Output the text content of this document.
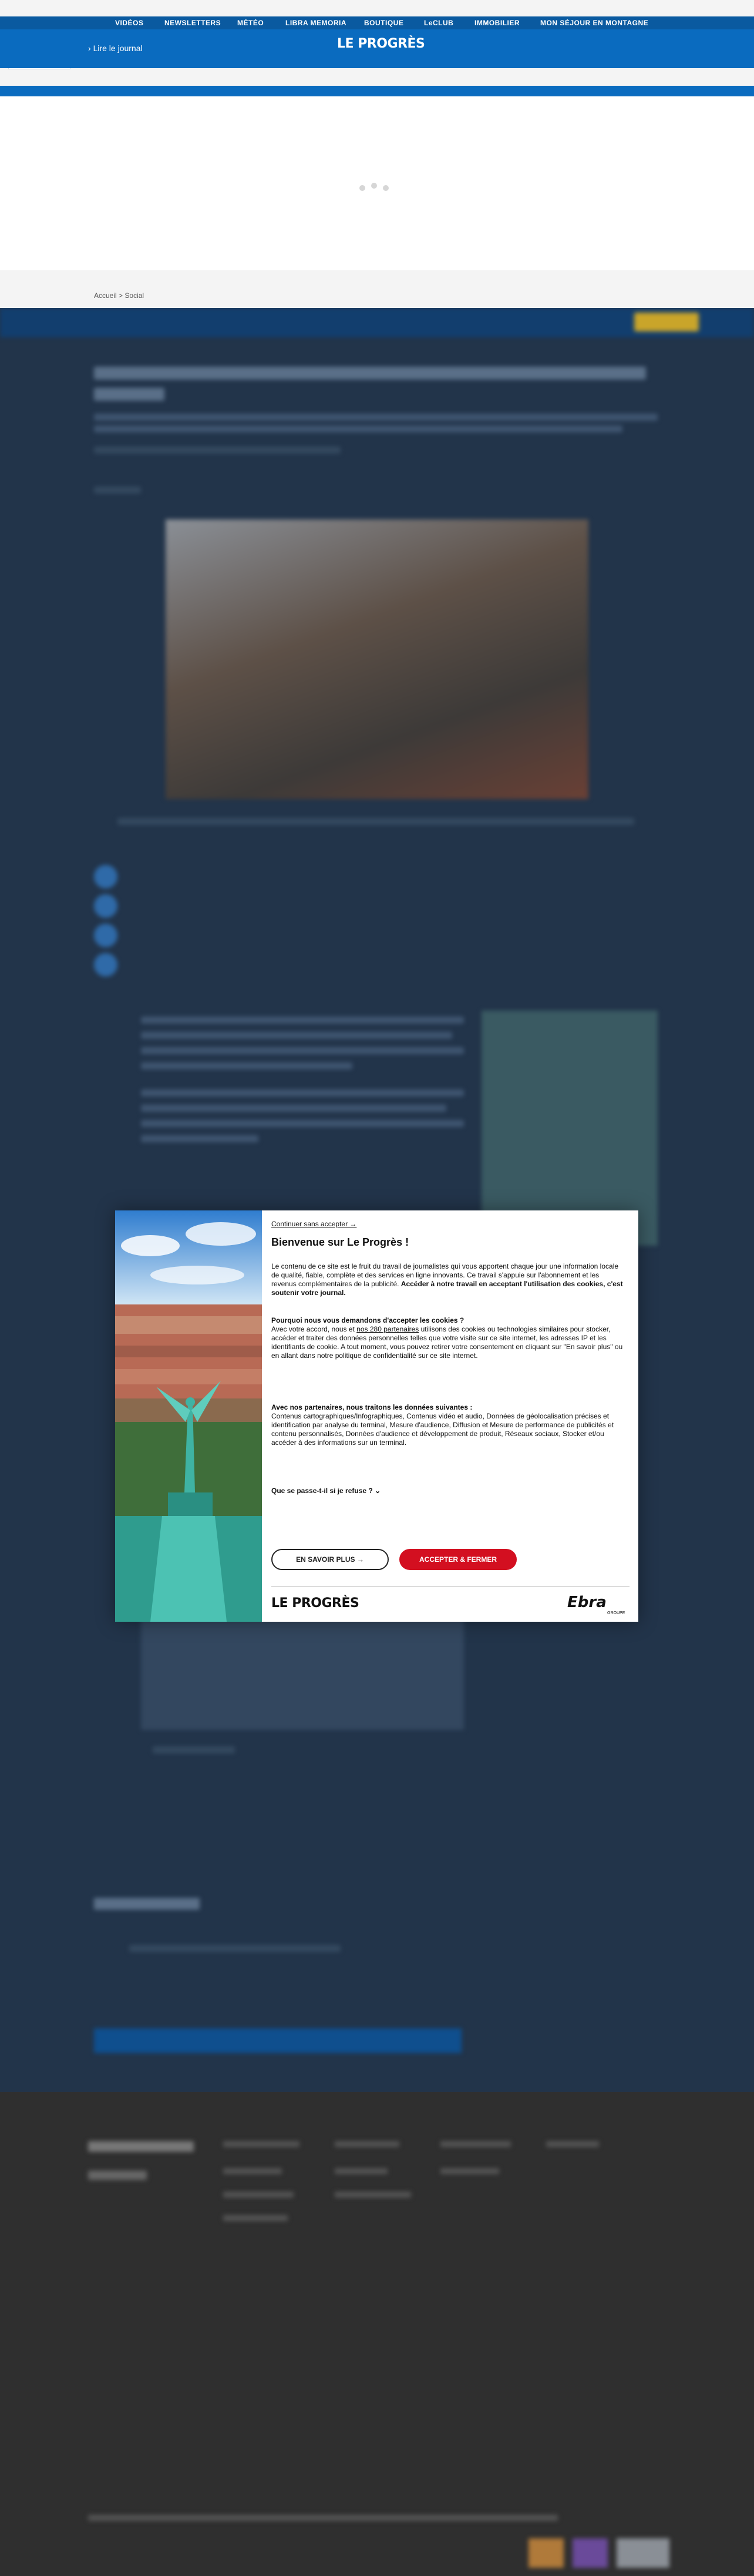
VIDÉOS	NEWSLETTERS MÉTÉO	LIBRA MEMORIA BOUTIQUE	LeCLUB	IMMOBILIER	MON SÉJOUR EN MONTAGNE
› Lire le journal	LE PROGRÈS
Accueil > Social
Continuer sans accepter →
Bienvenue sur Le Progrès !
Le contenu de ce site est le fruit du travail de journalistes qui vous apportent chaque jour une information locale de qualité, fiable, complète et des services en ligne innovants. Ce travail s'appuie sur l'abonnement et les revenus complémentaires de la publicité. Accéder à notre travail en acceptant l'utilisation des cookies, c'est soutenir votre journal.
Pourquoi nous vous demandons d'accepter les cookies ?
Avec votre accord, nous et nos 280 partenaires utilisons des cookies ou technologies similaires pour stocker, accéder et traiter des données personnelles telles que votre visite sur ce site internet, les adresses IP et les identifiants de cookie. A tout moment, vous pouvez retirer votre consentement en cliquant sur "En savoir plus" ou en allant dans notre politique de confidentialité sur ce site internet.
Avec nos partenaires, nous traitons les données suivantes :
Contenus cartographiques/Infographiques, Contenus vidéo et audio, Données de géolocalisation précises et identification par analyse du terminal, Mesure d'audience, Diffusion et Mesure de performance de publicités et contenu personnalisés, Données d'audience et développement de produit, Réseaux sociaux, Stocker et/ou accéder à des informations sur un terminal.
Que se passe-t-il si je refuse ? ⌄
EN SAVOIR PLUS →	ACCEPTER & FERMER
LE PROGRÈS	Ebra
GROUPE
